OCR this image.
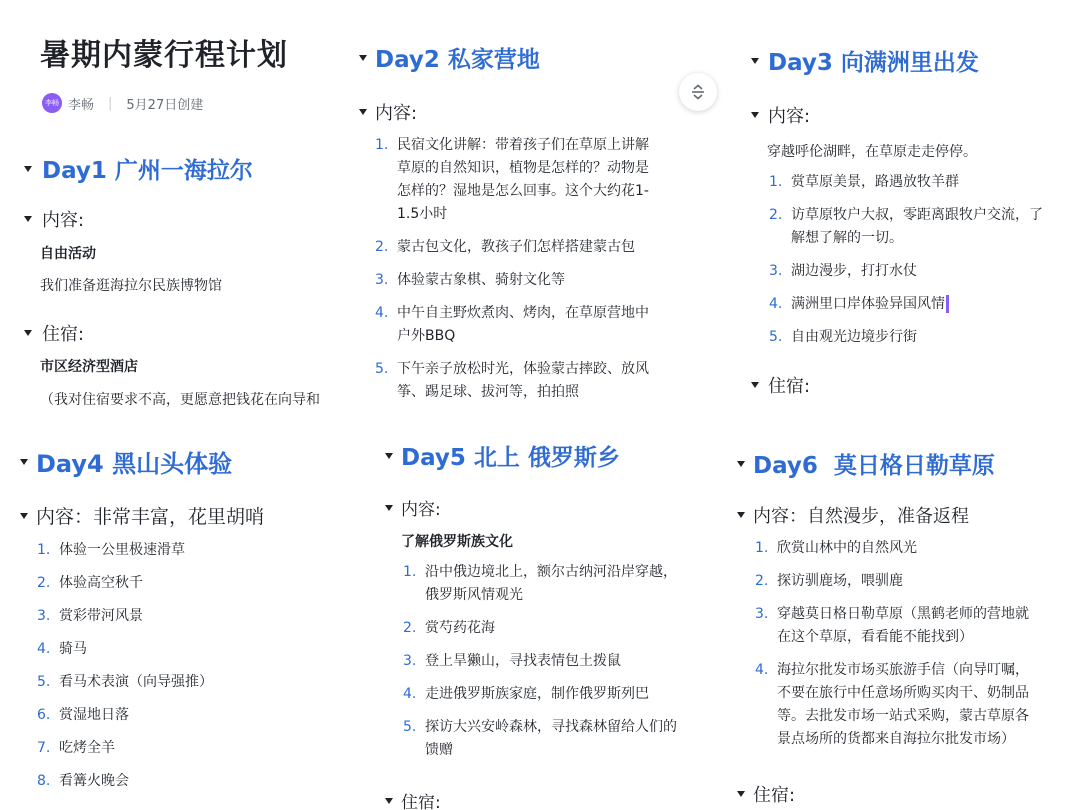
暑期内蒙行程计划
李畅 李畅 | 5月27日创建
Day1 广州一海拉尔
内容:
自由活动
我们准备逛海拉尔民族博物馆
住宿:
市区经济型酒店
（我对住宿要求不高，更愿意把钱花在向导和
Day2 私家营地
内容:
1. 民宿文化讲解：带着孩子们在草原上讲解
草原的自然知识，植物是怎样的？动物是
怎样的？湿地是怎么回事。这个大约花1-
1.5小时
2. 蒙古包文化，教孩子们怎样搭建蒙古包
3. 体验蒙古象棋、骑射文化等
4. 中午自主野炊煮肉、烤肉，在草原营地中
户外BBQ
5. 下午亲子放松时光，体验蒙古摔跤、放风
筝、踢足球、拔河等，拍拍照
Day3 向满洲里出发
内容:
穿越呼伦湖畔，在草原走走停停。
1. 赏草原美景，路遇放牧羊群
2. 访草原牧户大叔，零距离跟牧户交流，了
解想了解的一切。
3. 湖边漫步，打打水仗
4. 满洲里口岸体验异国风情
5. 自由观光边境步行街
住宿:
Day4 黑山头体验
内容：非常丰富，花里胡哨
1. 体验一公里极速滑草
2. 体验高空秋千
3. 赏彩带河风景
4. 骑马
5. 看马术表演（向导强推）
6. 赏湿地日落
7. 吃烤全羊
8. 看篝火晚会
Day5 北上 俄罗斯乡
内容:
了解俄罗斯族文化
1. 沿中俄边境北上，额尔古纳河沿岸穿越，
俄罗斯风情观光
2. 赏芍药花海
3. 登上旱獭山，寻找表情包土拨鼠
4. 走进俄罗斯族家庭，制作俄罗斯列巴
5. 探访大兴安岭森林，寻找森林留给人们的
馈赠
住宿:
Day6  莫日格日勒草原
内容：自然漫步，准备返程
1. 欣赏山林中的自然风光
2. 探访驯鹿场，喂驯鹿
3. 穿越莫日格日勒草原（黑鹤老师的营地就
在这个草原，看看能不能找到）
4. 海拉尔批发市场买旅游手信（向导叮嘱，
不要在旅行中任意场所购买肉干、奶制品
等。去批发市场一站式采购，蒙古草原各
景点场所的货都来自海拉尔批发市场）
住宿:
